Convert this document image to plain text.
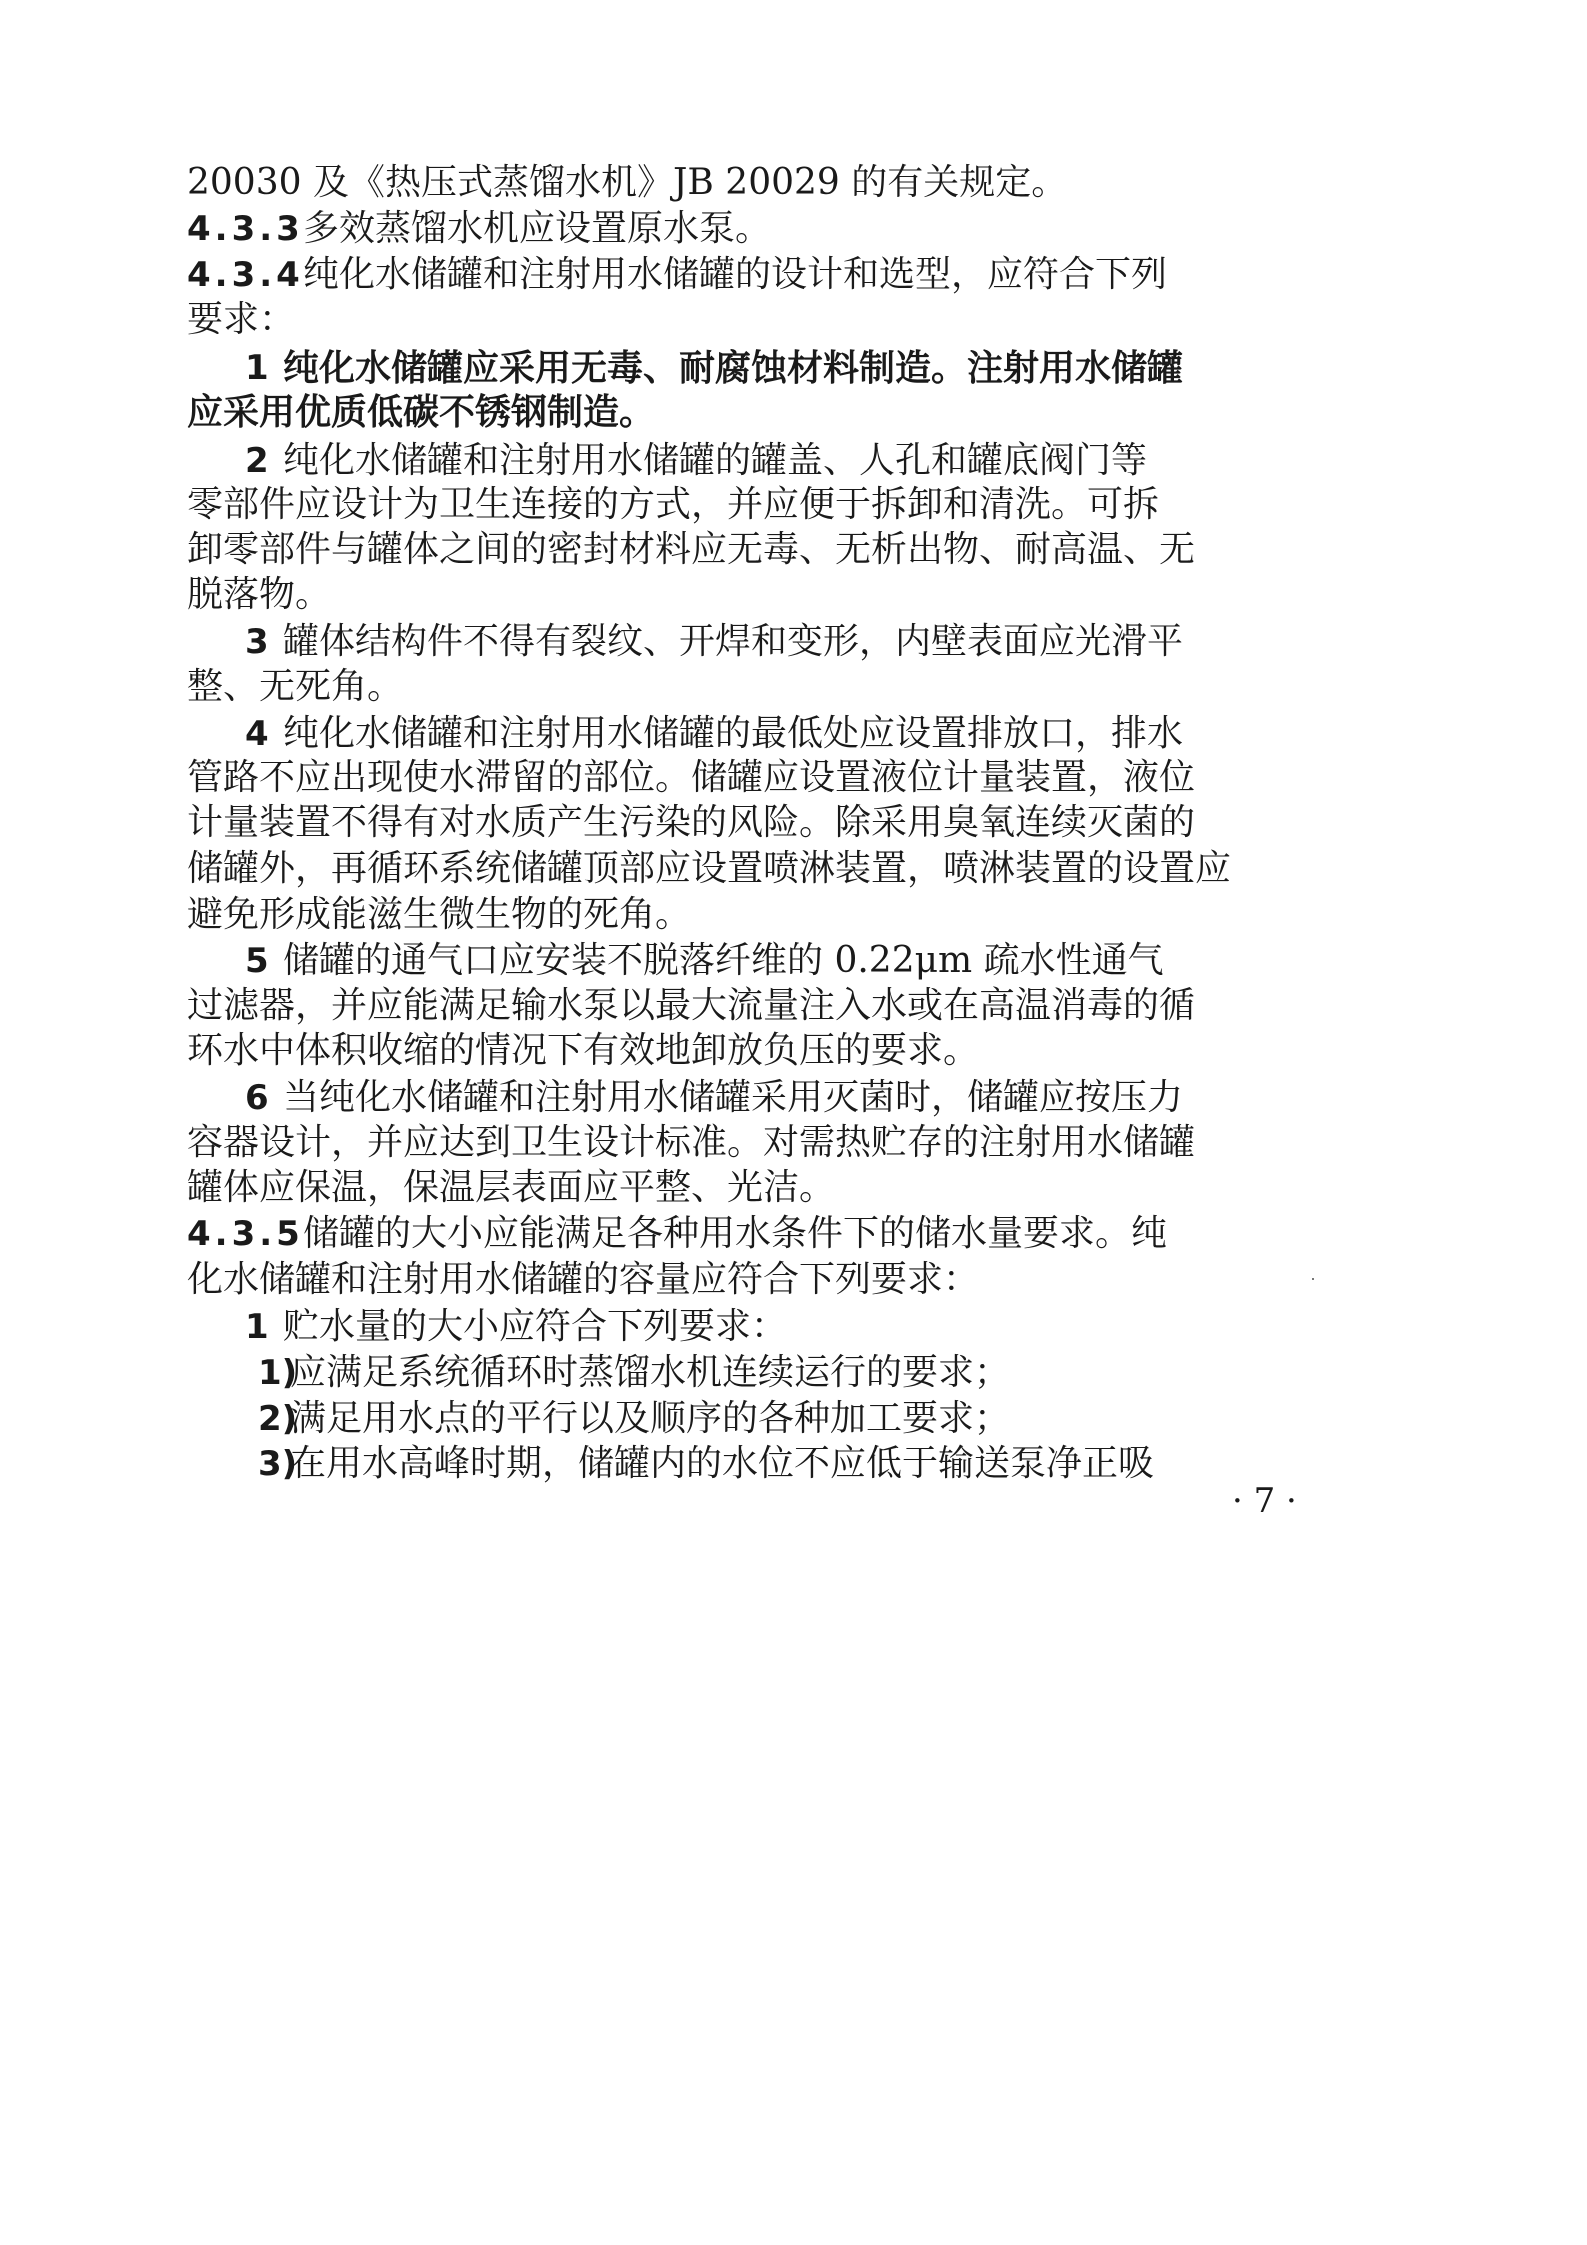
20030 及《热压式蒸馏水机》JB 20029 的有关规定。
4.3.3 多效蒸馏水机应设置原水泵。
4.3.4 纯化水储罐和注射用水储罐的设计和选型，应符合下列
要求：
1 纯化水储罐应采用无毒、耐腐蚀材料制造。注射用水储罐
应采用优质低碳不锈钢制造。
2 纯化水储罐和注射用水储罐的罐盖、人孔和罐底阀门等
零部件应设计为卫生连接的方式，并应便于拆卸和清洗。可拆
卸零部件与罐体之间的密封材料应无毒、无析出物、耐高温、无
脱落物。
3 罐体结构件不得有裂纹、开焊和变形，内壁表面应光滑平
整、无死角。
4 纯化水储罐和注射用水储罐的最低处应设置排放口，排水
管路不应出现使水滞留的部位。储罐应设置液位计量装置，液位
计量装置不得有对水质产生污染的风险。除采用臭氧连续灭菌的
储罐外，再循环系统储罐顶部应设置喷淋装置，喷淋装置的设置应
避免形成能滋生微生物的死角。
5 储罐的通气口应安装不脱落纤维的 0.22μm 疏水性通气
过滤器，并应能满足输水泵以最大流量注入水或在高温消毒的循
环水中体积收缩的情况下有效地卸放负压的要求。
6 当纯化水储罐和注射用水储罐采用灭菌时，储罐应按压力
容器设计，并应达到卫生设计标准。对需热贮存的注射用水储罐
罐体应保温，保温层表面应平整、光洁。
4.3.5 储罐的大小应能满足各种用水条件下的储水量要求。纯
化水储罐和注射用水储罐的容量应符合下列要求：
1 贮水量的大小应符合下列要求：
1)
应满足系统循环时蒸馏水机连续运行的要求；
2)
满足用水点的平行以及顺序的各种加工要求；
3)
在用水高峰时期，储罐内的水位不应低于输送泵净正吸
· 7 ·
